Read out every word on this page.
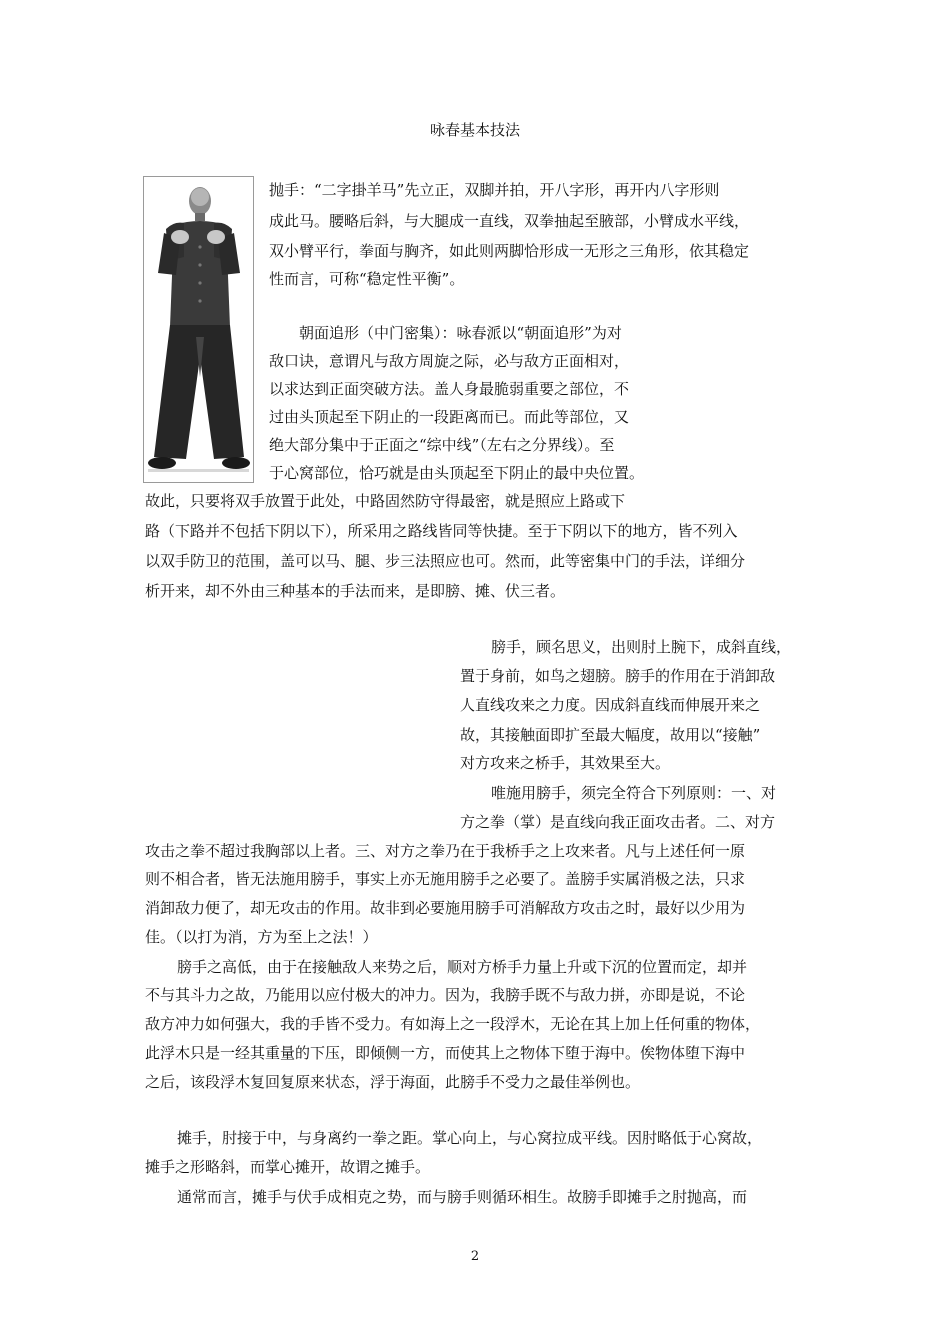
咏春基本技法
抛手：“二字掛羊马”先立正，双脚并拍，开八字形，再开内八字形则
成此马。腰略后斜，与大腿成一直线，双拳抽起至腋部，小臂成水平线，
双小臂平行，拳面与胸齐，如此则两脚恰形成一无形之三角形，依其稳定
性而言，可称“稳定性平衡”。
朝面追形（中门密集）：咏春派以“朝面追形”为对
敌口诀，意谓凡与敌方周旋之际，必与敌方正面相对，
以求达到正面突破方法。盖人身最脆弱重要之部位，不
过由头顶起至下阴止的一段距离而已。而此等部位，又
绝大部分集中于正面之“综中线”（左右之分界线）。至
于心窝部位，恰巧就是由头顶起至下阴止的最中央位置。
故此，只要将双手放置于此处，中路固然防守得最密，就是照应上路或下
路（下路并不包括下阴以下），所采用之路线皆同等快捷。至于下阴以下的地方，皆不列入
以双手防卫的范围，盖可以马、腿、步三法照应也可。然而，此等密集中门的手法，详细分
析开来，却不外由三种基本的手法而来，是即膀、摊、伏三者。
膀手，顾名思义，出则肘上腕下，成斜直线，
置于身前，如鸟之翅膀。膀手的作用在于消卸敌
人直线攻来之力度。因成斜直线而伸展开来之
故，其接触面即扩至最大幅度，故用以“接触”
对方攻来之桥手，其效果至大。
唯施用膀手，须完全符合下列原则：一、对
方之拳（掌）是直线向我正面攻击者。二、对方
攻击之拳不超过我胸部以上者。三、对方之拳乃在于我桥手之上攻来者。凡与上述任何一原
则不相合者，皆无法施用膀手，事实上亦无施用膀手之必要了。盖膀手实属消极之法，只求
消卸敌力便了，却无攻击的作用。故非到必要施用膀手可消解敌方攻击之时，最好以少用为
佳。（以打为消，方为至上之法！）
膀手之高低，由于在接触敌人来势之后，顺对方桥手力量上升或下沉的位置而定，却并
不与其斗力之故，乃能用以应付极大的冲力。因为，我膀手既不与敌力拼，亦即是说，不论
敌方冲力如何强大，我的手皆不受力。有如海上之一段浮木，无论在其上加上任何重的物体，
此浮木只是一经其重量的下压，即倾侧一方，而使其上之物体下堕于海中。俟物体堕下海中
之后，该段浮木复回复原来状态，浮于海面，此膀手不受力之最佳举例也。
摊手，肘接于中，与身离约一拳之距。掌心向上，与心窝拉成平线。因肘略低于心窝故，
摊手之形略斜，而掌心摊开，故谓之摊手。
通常而言，摊手与伏手成相克之势，而与膀手则循环相生。故膀手即摊手之肘抛高，而
2
